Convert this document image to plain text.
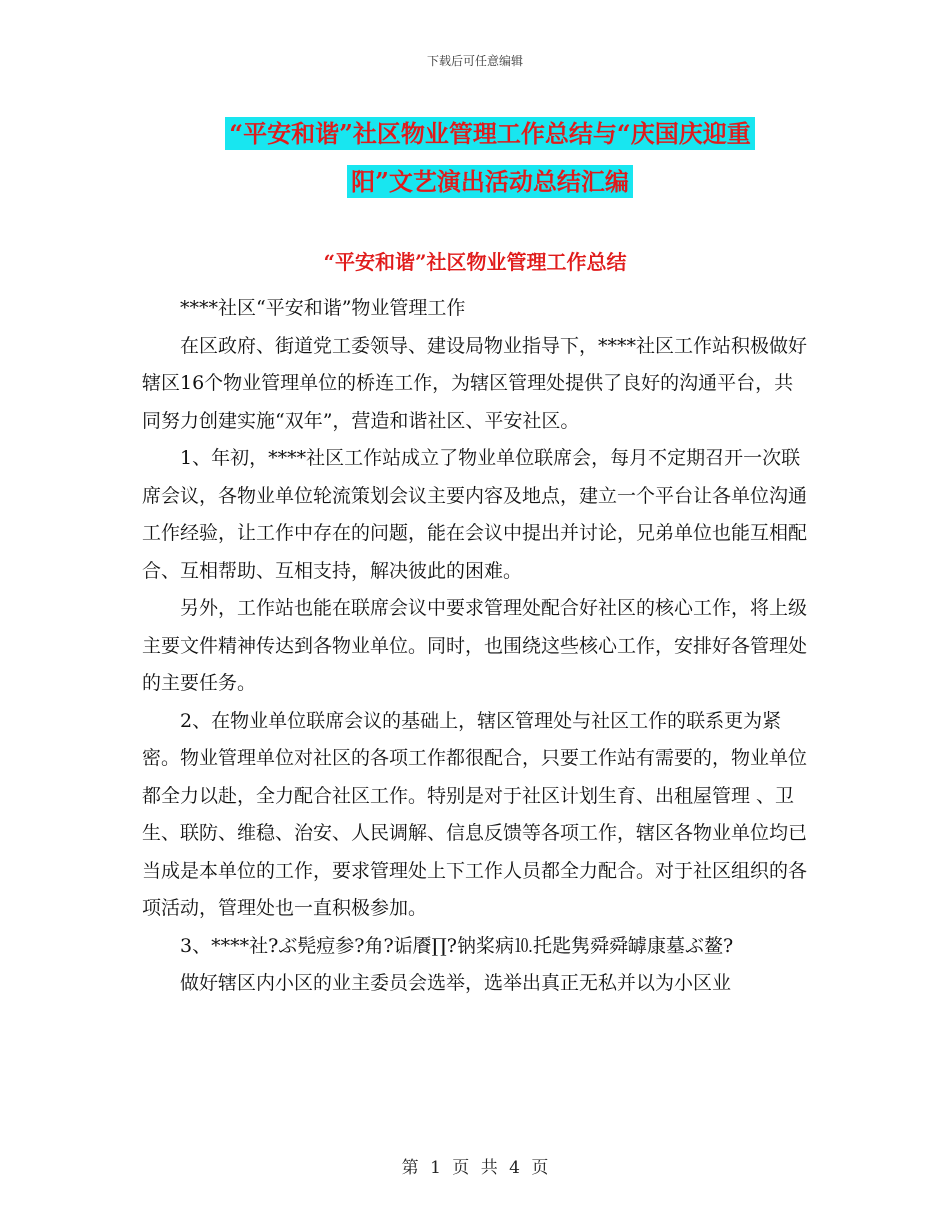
下载后可任意编辑
“平安和谐”社区物业管理工作总结与“庆国庆迎重
阳”文艺演出活动总结汇编
“平安和谐”社区物业管理工作总结

****社区“平安和谐”物业管理工作

在区政府、街道党工委领导、建设局物业指导下，****社区工作站积极做好辖区16个物业管理单位的桥连工作，为辖区管理处提供了良好的沟通平台，共同努力创建实施“双年”，营造和谐社区、平安社区。

1、年初，****社区工作站成立了物业单位联席会，每月不定期召开一次联席会议，各物业单位轮流策划会议主要内容及地点，建立一个平台让各单位沟通工作经验，让工作中存在的问题，能在会议中提出并讨论，兄弟单位也能互相配合、互相帮助、互相支持，解决彼此的困难。

另外，工作站也能在联席会议中要求管理处配合好社区的核心工作，将上级主要文件精神传达到各物业单位。同时，也围绕这些核心工作，安排好各管理处的主要任务。

2、在物业单位联席会议的基础上，辖区管理处与社区工作的联系更为紧密。物业管理单位对社区的各项工作都很配合，只要工作站有需要的，物业单位都全力以赴，全力配合社区工作。特别是对于社区计划生育、出租屋管理 、卫生、联防、维稳、治安、人民调解、信息反馈等各项工作，辖区各物业单位均已当成是本单位的工作，要求管理处上下工作人员都全力配合。对于社区组织的各项活动，管理处也一直积极参加。

3、****社?ぶ髡痘参?角?诟餍∏?钠桨病⒑托匙隽舜舜罅康墓ぶ鳌?

做好辖区内小区的业主委员会选举，选举出真正无私并以为小区业

第 1 页 共 4 页
